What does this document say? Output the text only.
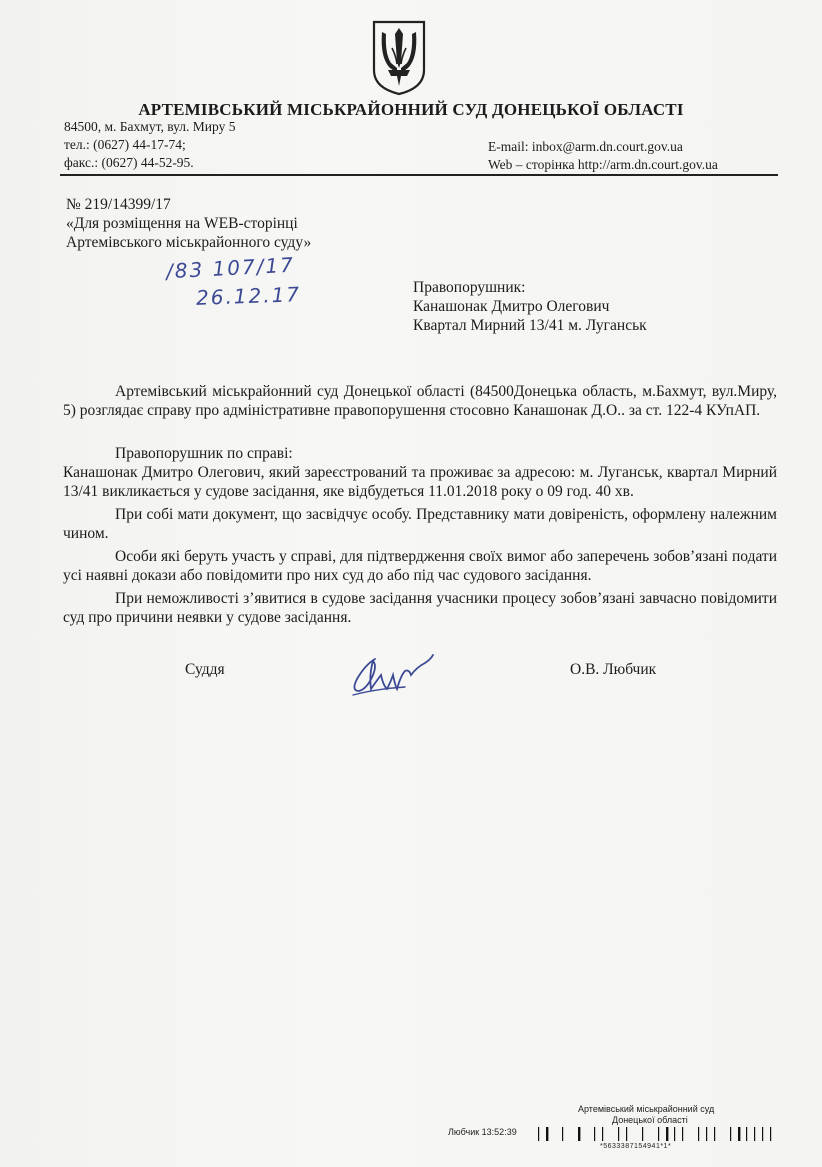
АРТЕМІВСЬКИЙ МІСЬКРАЙОННИЙ СУД ДОНЕЦЬКОЇ ОБЛАСТІ
84500, м. Бахмут, вул. Миру 5
тел.: (0627) 44-17-74;
факс.: (0627) 44-52-95.
E-mail: inbox@arm.dn.court.gov.ua
Web – сторінка http://arm.dn.court.gov.ua
№ 219/14399/17
«Для розміщення на WEB-сторінці
Артемівського міськрайонного суду»
/83 107/17
26.12.17	Правопорушник:
Канашонак Дмитро Олегович
Квартал Мирний 13/41 м. Луганськ
Артемівський міськрайонний суд Донецької області (84500Донецька область, м.Бахмут, вул.Миру, 5) розглядає справу про адміністративне правопорушення стосовно Канашонак Д.О.. за ст. 122-4 КУпАП.
Правопорушник по справі:
Канашонак Дмитро Олегович, який зареєстрований та проживає за адресою: м. Луганськ, квартал Мирний 13/41 викликається у судове засідання, яке відбудеться 11.01.2018 року о 09 год. 40 хв.
При собі мати документ, що засвідчує особу. Представнику мати довіреність, оформлену належним чином.
Особи які беруть участь у справі, для підтвердження своїх вимог або заперечень зобов’язані подати усі наявні докази або повідомити про них суд до або під час судового засідання.
При неможливості з’явитися в судове засідання учасники процесу зобов’язані завчасно повідомити суд про причини неявки у судове засідання.
Суддя	О.В. Любчик
Артемівський міськрайонний суд
Донецької області
Любчик 13:52:39
*5633387154941*1*
